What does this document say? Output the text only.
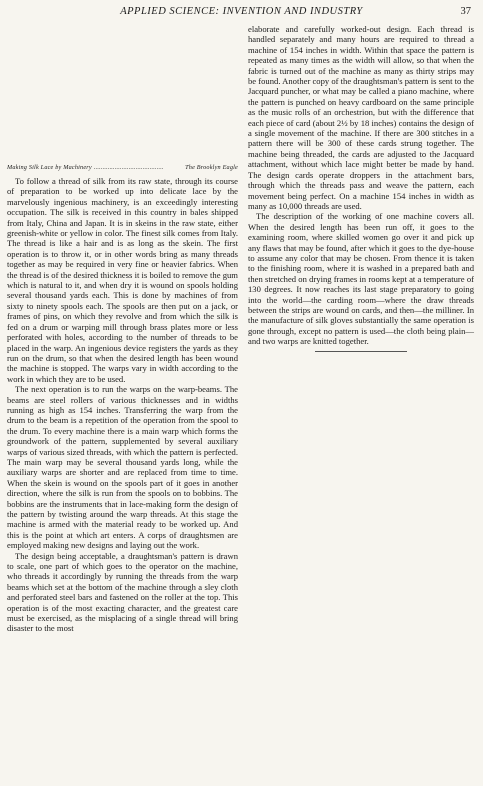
APPLIED SCIENCE: INVENTION AND INDUSTRY	37

elaborate and carefully worked-out design. Each thread is handled separately and many hours are required to thread a machine of 154 inches in width. Within that space the pattern is repeated as many times as the width will allow, so that when the fabric is turned out of the machine as many as thirty strips may be found. Another copy of the draughtsman's pattern is sent to the Jacquard puncher, or what may be called a piano machine, where the pattern is punched on heavy cardboard on the same principle as the music rolls of an orchestrion, but with the difference that each piece of card (about 2½ by 18 inches) contains the design of a single movement of the machine. If there are 300 stitches in a pattern there will be 300 of these cards strung together. The machine being threaded, the cards are adjusted to the Jacquard attachment, without which lace might better be made by hand. The design cards operate droppers in the attachment bars, through which the threads pass and weave the pattern, each movement being perfect. On a machine 154 inches in width as many as 10,000 threads are used.

The description of the working of one machine covers all. When the desired length has been run off, it goes to the examining room, where skilled women go over it and pick up any flaws that may be found, after which it goes to the dye-house to assume any color that may be chosen. From thence it is taken to the finishing room, where it is washed in a prepared bath and then stretched on drying frames in rooms kept at a temperature of 130 degrees. It now reaches its last stage preparatory to going into the world—the carding room—where the draw threads between the strips are wound on cards, and then—the milliner. In the manufacture of silk gloves substantially the same operation is gone through, except no pattern is used—the cloth being plain—and two warps are knitted together.

Making Silk Lace by Machinery ........................................	The Brooklyn Eagle

To follow a thread of silk from its raw state, through its course of preparation to be worked up into delicate lace by the marvelously ingenious machinery, is an exceedingly interesting occupation. The silk is received in this country in bales shipped from Italy, China and Japan. It is in skeins in the raw state, either greenish-white or yellow in color. The finest silk comes from Italy. The thread is like a hair and is as long as the skein. The first operation is to throw it, or in other words bring as many threads together as may be required in very fine or heavier fabrics. When the thread is of the desired thickness it is boiled to remove the gum which is natural to it, and when dry it is wound on spools holding several thousand yards each. This is done by machines of from sixty to ninety spools each. The spools are then put on a jack, or frames of pins, on which they revolve and from which the silk is fed on a drum or warping mill through brass plates more or less perforated with holes, according to the number of threads to be placed in the warp. An ingenious device registers the yards as they run on the drum, so that when the desired length has been wound the machine is stopped. The warps vary in width according to the work in which they are to be used.

The next operation is to run the warps on the warp-beams. The beams are steel rollers of various thicknesses and in widths running as high as 154 inches. Transferring the warp from the drum to the beam is a repetition of the operation from the spool to the drum. To every machine there is a main warp which forms the groundwork of the pattern, supplemented by several auxiliary warps of various sized threads, with which the pattern is perfected. The main warp may be several thousand yards long, while the auxiliary warps are shorter and are replaced from time to time. When the skein is wound on the spools part of it goes in another direction, where the silk is run from the spools on to bobbins. The bobbins are the instruments that in lace-making form the design of the pattern by twisting around the warp threads. At this stage the machine is armed with the material ready to be worked up. And this is the point at which art enters. A corps of draughtsmen are employed making new designs and laying out the work.

The design being acceptable, a draughtsman's pattern is drawn to scale, one part of which goes to the operator on the machine, who threads it accordingly by running the threads from the warp beams which set at the bottom of the machine through a sley cloth and perforated steel bars and fastened on the roller at the top. This operation is of the most exacting character, and the greatest care must be exercised, as the misplacing of a single thread will bring disaster to the most
